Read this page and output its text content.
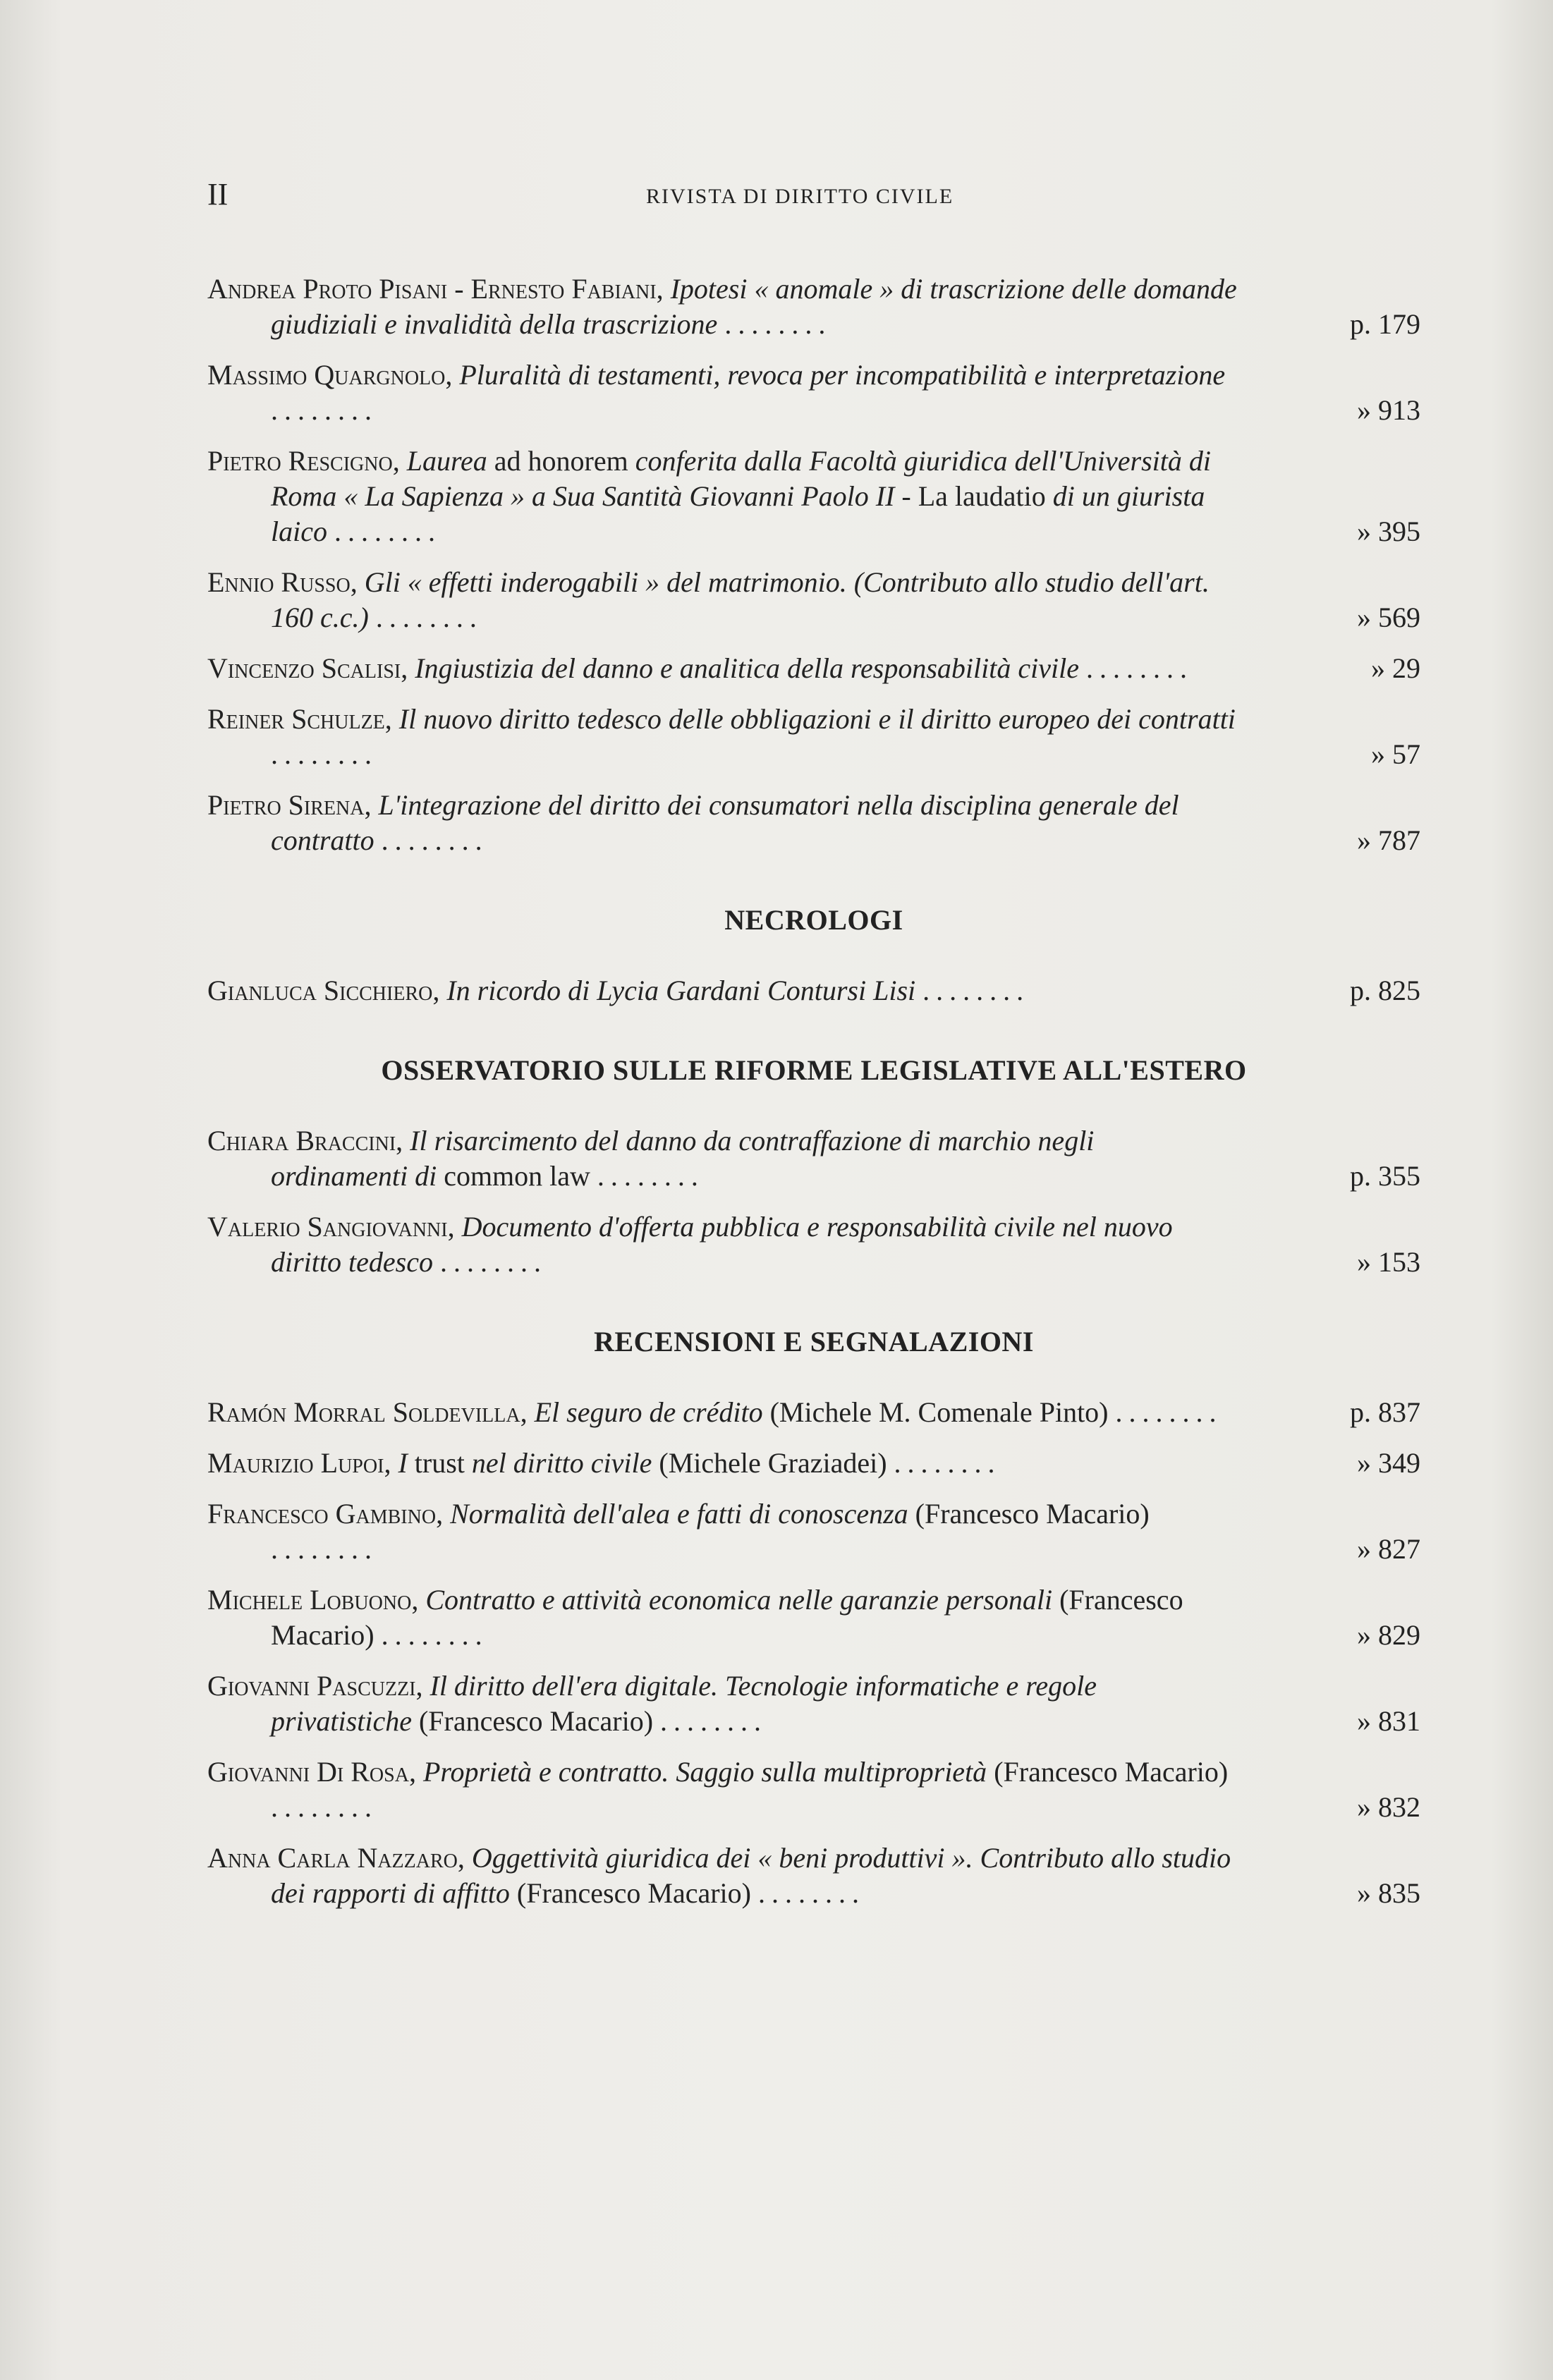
II	RIVISTA DI DIRITTO CIVILE
Andrea Proto Pisani - Ernesto Fabiani, Ipotesi « anomale » di trascrizione delle domande giudiziali e invalidità della trascrizione ........	p. 179
Massimo Quargnolo, Pluralità di testamenti, revoca per incompatibilità e interpretazione ........	» 913
Pietro Rescigno, Laurea ad honorem conferita dalla Facoltà giuridica dell'Università di Roma « La Sapienza » a Sua Santità Giovanni Paolo II - La laudatio di un giurista laico ........	» 395
Ennio Russo, Gli « effetti inderogabili » del matrimonio. (Contributo allo studio dell'art. 160 c.c.) ........	» 569
Vincenzo Scalisi, Ingiustizia del danno e analitica della responsabilità civile ........	» 29
Reiner Schulze, Il nuovo diritto tedesco delle obbligazioni e il diritto europeo dei contratti ........	» 57
Pietro Sirena, L'integrazione del diritto dei consumatori nella disciplina generale del contratto ........	» 787
NECROLOGI
Gianluca Sicchiero, In ricordo di Lycia Gardani Contursi Lisi ........	p. 825
OSSERVATORIO SULLE RIFORME LEGISLATIVE ALL'ESTERO
Chiara Braccini, Il risarcimento del danno da contraffazione di marchio negli ordinamenti di common law ........	p. 355
Valerio Sangiovanni, Documento d'offerta pubblica e responsabilità civile nel nuovo diritto tedesco ........	» 153
RECENSIONI E SEGNALAZIONI
Ramón Morral Soldevilla, El seguro de crédito (Michele M. Comenale Pinto) ........	p. 837
Maurizio Lupoi, I trust nel diritto civile (Michele Graziadei) ........	» 349
Francesco Gambino, Normalità dell'alea e fatti di conoscenza (Francesco Macario) ........	» 827
Michele Lobuono, Contratto e attività economica nelle garanzie personali (Francesco Macario) ........	» 829
Giovanni Pascuzzi, Il diritto dell'era digitale. Tecnologie informatiche e regole privatistiche (Francesco Macario) ........	» 831
Giovanni Di Rosa, Proprietà e contratto. Saggio sulla multiproprietà (Francesco Macario) ........	» 832
Anna Carla Nazzaro, Oggettività giuridica dei « beni produttivi ». Contributo allo studio dei rapporti di affitto (Francesco Macario) ........	» 835
